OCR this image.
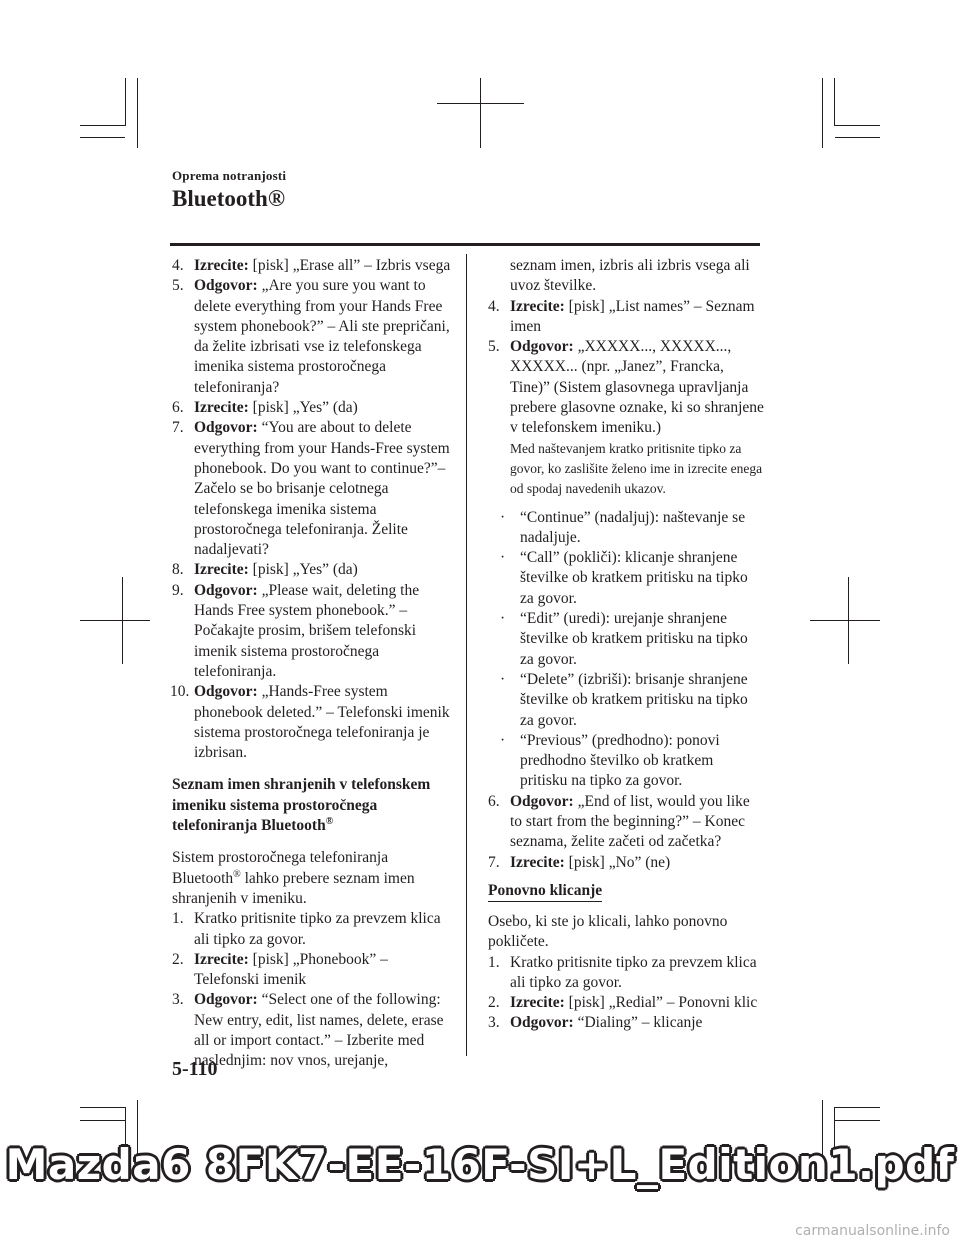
Oprema notranjosti
Bluetooth®
4. Izrecite: [pisk] „Erase all” – Izbris vsega
5. Odgovor: „Are you sure you want to delete everything from your Hands Free system phonebook?” – Ali ste prepričani, da želite izbrisati vse iz telefonskega imenika sistema prostoročnega telefoniranja?
6. Izrecite: [pisk] „Yes” (da)
7. Odgovor: “You are about to delete everything from your Hands-Free system phonebook. Do you want to continue?”– Začelo se bo brisanje celotnega telefonskega imenika sistema prostoročnega telefoniranja. Želite nadaljevati?
8. Izrecite: [pisk] „Yes” (da)
9. Odgovor: „Please wait, deleting the Hands Free system phonebook.” – Počakajte prosim, brišem telefonski imenik sistema prostoročnega telefoniranja.
10. Odgovor: „Hands-Free system phonebook deleted.” – Telefonski imenik sistema prostoročnega telefoniranja je izbrisan.
Seznam imen shranjenih v telefonskem imeniku sistema prostoročnega telefoniranja Bluetooth®
Sistem prostoročnega telefoniranja Bluetooth® lahko prebere seznam imen shranjenih v imeniku.
1. Kratko pritisnite tipko za prevzem klica ali tipko za govor.
2. Izrecite: [pisk] „Phonebook” – Telefonski imenik
3. Odgovor: “Select one of the following: New entry, edit, list names, delete, erase all or import contact.” – Izberite med naslednjim: nov vnos, urejanje,
seznam imen, izbris ali izbris vsega ali uvoz številke.
4. Izrecite: [pisk] „List names” – Seznam imen
5. Odgovor: „XXXXX..., XXXXX..., XXXXX... (npr. „Janez”, Francka, Tine)” (Sistem glasovnega upravljanja prebere glasovne oznake, ki so shranjene v telefonskem imeniku.)
Med naštevanjem kratko pritisnite tipko za govor, ko zaslišite želeno ime in izrecite enega od spodaj navedenih ukazov.
· “Continue” (nadaljuj): naštevanje se nadaljuje.
· “Call” (pokliči): klicanje shranjene številke ob kratkem pritisku na tipko za govor.
· “Edit” (uredi): urejanje shranjene številke ob kratkem pritisku na tipko za govor.
· “Delete” (izbriši): brisanje shranjene številke ob kratkem pritisku na tipko za govor.
· “Previous” (predhodno): ponovi predhodno številko ob kratkem pritisku na tipko za govor.
6. Odgovor: „End of list, would you like to start from the beginning?” – Konec seznama, želite začeti od začetka?
7. Izrecite: [pisk] „No” (ne)
Ponovno klicanje
Osebo, ki ste jo klicali, lahko ponovno pokličete.
1. Kratko pritisnite tipko za prevzem klica ali tipko za govor.
2. Izrecite: [pisk] „Redial” – Ponovni klic
3. Odgovor: “Dialing” – klicanje
5-110
Mazda6 8FK7-EE-16F-SI+L_Edition1.pdf
carmanualsonline.info
